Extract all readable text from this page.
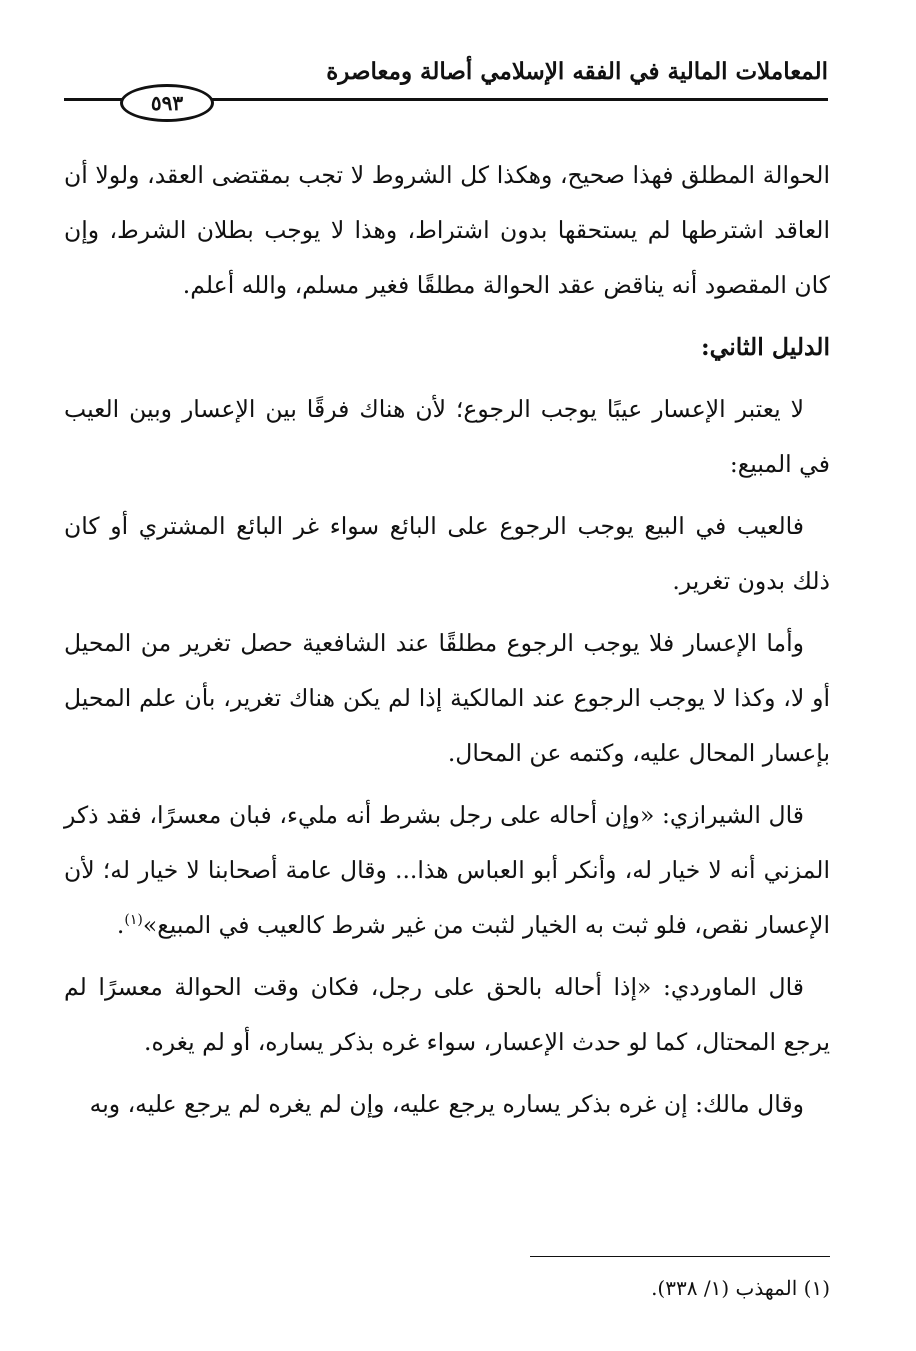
المعاملات المالية في الفقه الإسلامي أصالة ومعاصرة
٥٩٣

الحوالة المطلق فهذا صحيح، وهكذا كل الشروط لا تجب بمقتضى العقد، ولولا أن العاقد اشترطها لم يستحقها بدون اشتراط، وهذا لا يوجب بطلان الشرط، وإن كان المقصود أنه يناقض عقد الحوالة مطلقًا فغير مسلم، والله أعلم.

الدليل الثاني:

لا يعتبر الإعسار عيبًا يوجب الرجوع؛ لأن هناك فرقًا بين الإعسار وبين العيب في المبيع:

فالعيب في البيع يوجب الرجوع على البائع سواء غر البائع المشتري أو كان ذلك بدون تغرير.

وأما الإعسار فلا يوجب الرجوع مطلقًا عند الشافعية حصل تغرير من المحيل أو لا، وكذا لا يوجب الرجوع عند المالكية إذا لم يكن هناك تغرير، بأن علم المحيل بإعسار المحال عليه، وكتمه عن المحال.

قال الشيرازي: «وإن أحاله على رجل بشرط أنه مليء، فبان معسرًا، فقد ذكر المزني أنه لا خيار له، وأنكر أبو العباس هذا... وقال عامة أصحابنا لا خيار له؛ لأن الإعسار نقص، فلو ثبت به الخيار لثبت من غير شرط كالعيب في المبيع»$^{(١)}$.

قال الماوردي: «إذا أحاله بالحق على رجل، فكان وقت الحوالة معسرًا لم يرجع المحتال، كما لو حدث الإعسار، سواء غره بذكر يساره، أو لم يغره.

وقال مالك: إن غره بذكر يساره يرجع عليه، وإن لم يغره لم يرجع عليه، وبه

(١) المهذب (١/ ٣٣٨).
